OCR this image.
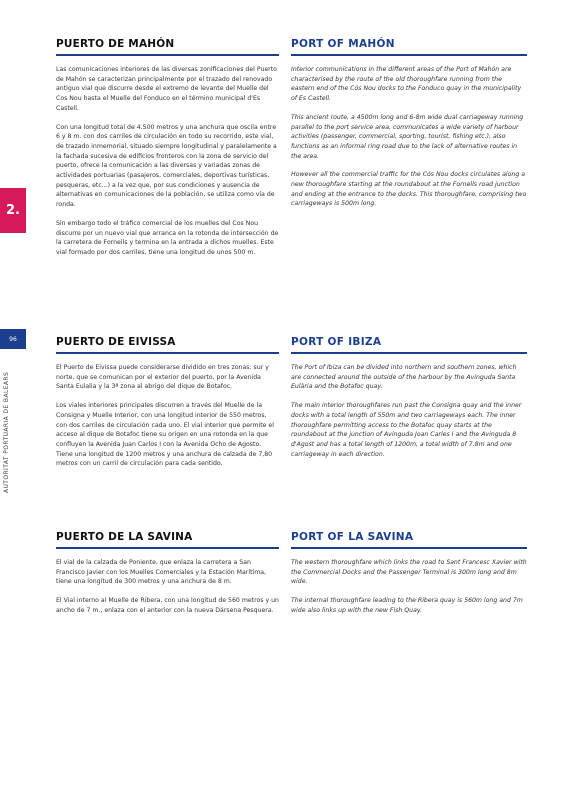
2.
96
AUTORITAT PORTUÀRIA DE BALEARS
PUERTO DE MAHÓN

Las comunicaciones interiores de las diversas zonificaciones del Puerto de Mahón se caracterizan principalmente por el trazado del renovado antiguo vial que discurre desde el extremo de levante del Muelle del Cos Nou hasta el Muelle del Fonduco en el término municipal d'Es Castell.

Con una longitud total de 4.500 metros y una anchura que oscila entre 6 y 8 m. con dos carriles de circulación en todo su recorrido, este vial, de trazado inmemorial, situado siempre longitudinal y paralelamente a la fachada sucesiva de edificios fronteros con la zona de servicio del puerto, ofrece la comunicación a las diversas y variadas zonas de actividades portuarias (pasajeros, comerciales, deportivas turísticas, pesqueras, etc...) a la vez que, por sus condiciones y ausencia de alternativas en comunicaciones de la población, se utiliza como vía de ronda.

Sin embargo todo el tráfico comercial de los muelles del Cos Nou discurre por un nuevo vial que arranca en la rotonda de intersección de la carretera de Fornells y termina en la entrada a dichos muelles. Este vial formado por dos carriles, tiene una longitud de unos 500 m.

PORT OF MAHÓN

Interior communications in the different areas of the Port of Mahón are characterised by the route of the old thoroughfare running from the eastern end of the Cós Nou docks to the Fonduco quay in the municipality of Es Castell.

This ancient route, a 4500m long and 6-8m wide dual carriageway running parallel to the port service area, communicates a wide variety of harbour activities (passenger, commercial, sporting, tourist, fishing etc.), also functions as an informal ring road due to the lack of alternative routes in the area.

However all the commercial traffic for the Cós Nou docks circulates along a new thoroughfare starting at the roundabout at the Fornells road junction and ending at the entrance to the docks. This thoroughfare, comprising two carriageways is 500m long.

PUERTO DE EIVISSA

El Puerto de Eivissa puede considerarse dividido en tres zonas: sur y norte, que se comunican por el exterior del puerto, por la Avenida Santa Eulalia y la 3ª zona al abrigo del dique de Botafoc.

Los viales interiores principales discurren a través del Muelle de la Consigna y Muelle Interior, con una longitud interior de 550 metros, con dos carriles de circulación cada uno. El vial interior que permite el acceso al dique de Botafoc tiene su origen en una rotonda en la que confluyen la Avenida Juan Carlos I con la Avenida Ocho de Agosto. Tiene una longitud de 1200 metros y una anchura de calzada de 7,80 metros con un carril de circulación para cada sentido.

PORT OF IBIZA

The Port of Ibiza can be divided into northern and southern zones, which are connected around the outside of the harbour by the Avinguda Santa Eulària and the Botafoc quay.

The main interior thoroughfares run past the Consigna quay and the inner docks with a total length of 550m and two carriageways each. The inner thoroughfare permitting access to the Botafoc quay starts at the roundabout at the junction of Avinguda Joan Carles I and the Avinguda 8 d'Agost and has a total length of 1200m, a total width of 7.8m and one carriageway in each direction.

PUERTO DE LA SAVINA

El vial de la calzada de Poniente, que enlaza la carretera a San Francisco Javier con los Muelles Comerciales y la Estación Marítima, tiene una longitud de 300 metros y una anchura de 8 m.

El Vial interno al Muelle de Ribera, con una longitud de 560 metros y un ancho de 7 m., enlaza con el anterior con la nueva Dársena Pesquera.

PORT OF LA SAVINA

The western thoroughfare which links the road to Sant Francesc Xavier with the Commercial Docks and the Passenger Terminal is 300m long and 8m wide.

The internal thoroughfare leading to the Ribera quay is 560m long and 7m wide also links up with the new Fish Quay.
